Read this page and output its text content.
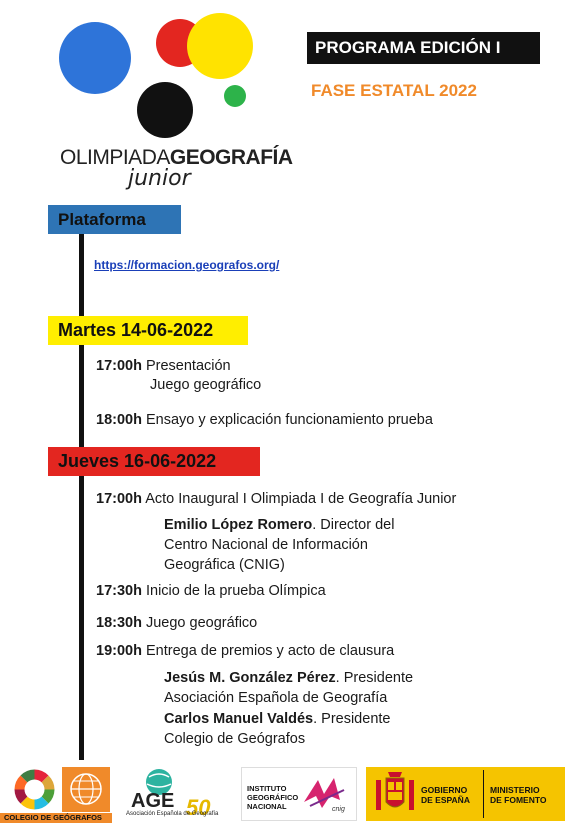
OLIMPIADAGEOGRAFÍA
junior
PROGRAMA EDICIÓN I
FASE ESTATAL 2022
Plataforma
https://formacion.geografos.org/
Martes 14-06-2022
17:00h Presentación
Juego geográfico
18:00h Ensayo y explicación funcionamiento prueba
Jueves 16-06-2022
17:00h Acto Inaugural I Olimpiada I de Geografía Junior
Emilio López Romero. Director del
Centro Nacional de Información
Geográfica (CNIG)
17:30h Inicio de la prueba Olímpica
18:30h Juego geográfico
19:00h Entrega de premios y acto de clausura
Jesús M. González Pérez. Presidente
Asociación Española de Geografía
Carlos Manuel Valdés. Presidente
Colegio de Geógrafos
COLEGIO DE GEÓGRAFOS
AGE 50
Asociación Española de Geografía
INSTITUTO
GEOGRÁFICO
NACIONAL	cnig
GOBIERNO
DE ESPAÑA
MINISTERIO
DE FOMENTO
